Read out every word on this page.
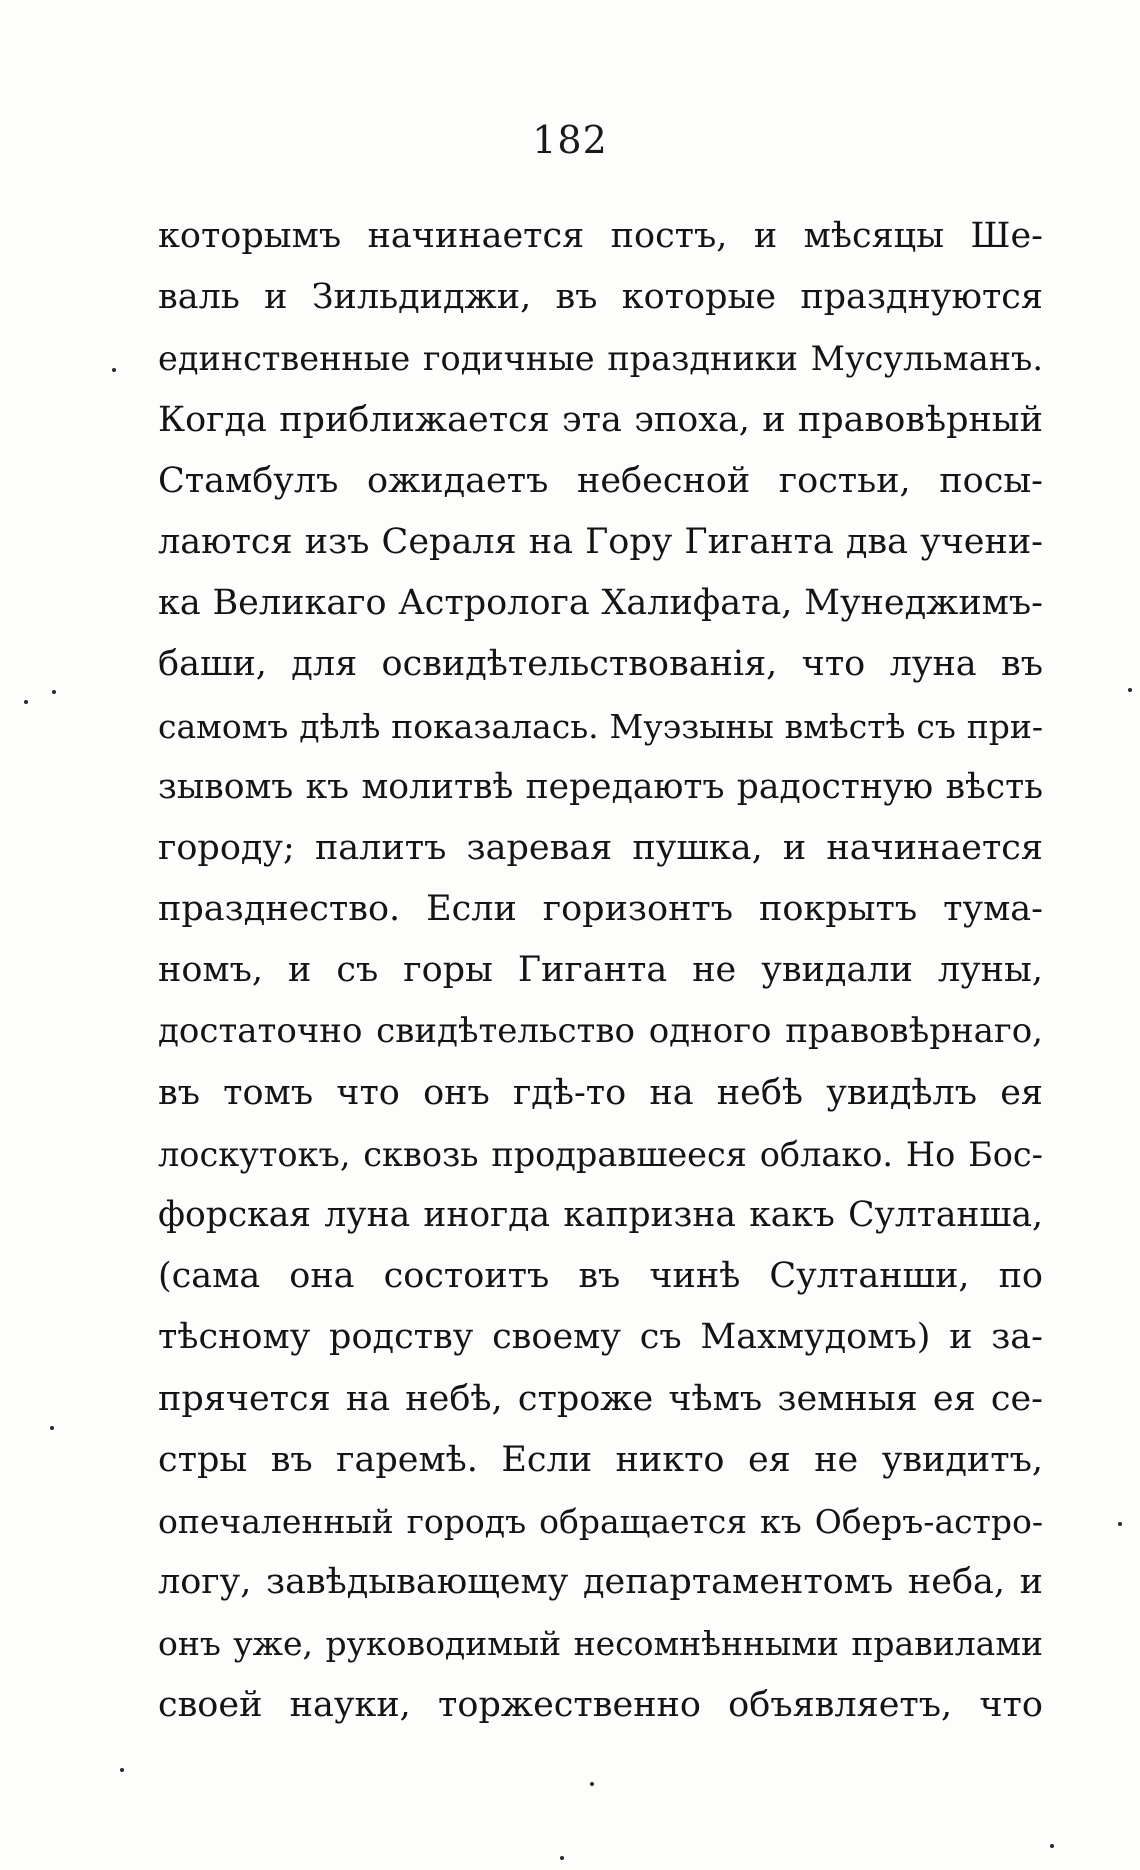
182
которымъ начинается постъ, и мѣсяцы Ше-
валь и Зильдиджи, въ которые празднуются
единственные годичные праздники Мусульманъ.
Когда приближается эта эпоха, и правовѣрный
Стамбулъ ожидаетъ небесной гостьи, посы-
лаются изъ Сераля на Гору Гиганта два учени-
ка Великаго Астролога Халифата, Мунеджимъ-
баши, для освидѣтельствованія, что луна въ
самомъ дѣлѣ показалась. Муэзыны вмѣстѣ съ при-
зывомъ къ молитвѣ передаютъ радостную вѣсть
городу; палитъ заревая пушка, и начинается
празднество. Если горизонтъ покрытъ тума-
номъ, и съ горы Гиганта не увидали луны,
достаточно свидѣтельство одного правовѣрнаго,
въ томъ что онъ гдѣ-то на небѣ увидѣлъ ея
лоскутокъ, сквозь продравшееся облако. Но Бос-
форская луна иногда капризна какъ Султанша,
(сама она состоитъ въ чинѣ Султанши, по
тѣсному родству своему съ Махмудомъ) и за-
прячется на небѣ, строже чѣмъ земныя ея се-
стры въ гаремѣ. Если никто ея не увидитъ,
опечаленный городъ обращается къ Оберъ-астро-
логу, завѣдывающему департаментомъ неба, и
онъ уже, руководимый несомнѣнными правилами
своей науки, торжественно объявляетъ, что
